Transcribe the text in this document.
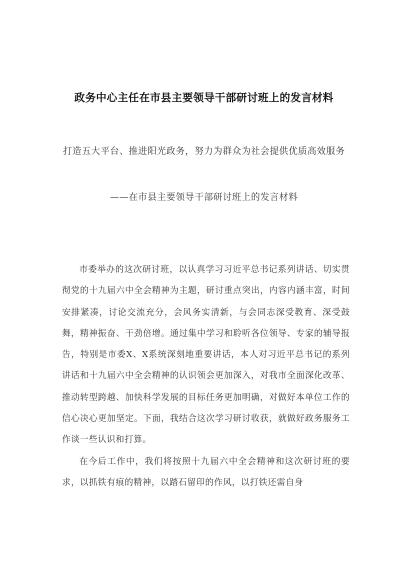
政务中心主任在市县主要领导干部研讨班上的发言材料
打造五大平台、推进阳光政务，努力为群众为社会提供优质高效服务
——在市县主要领导干部研讨班上的发言材料

市委举办的这次研讨班，以认真学习习近平总书记系列讲话、切实贯彻党的十九届六中全会精神为主题，研讨重点突出，内容内涵丰富，时间安排紧凑，讨论交流充分，会风务实清新，与会同志深受教育、深受鼓舞，精神振奋、干劲倍增。通过集中学习和聆听各位领导、专家的辅导报告，特别是市委X、X系统深刻地重要讲话，本人对习近平总书记的系列讲话和十九届六中全会精神的认识领会更加深入，对我市全面深化改革、推动转型跨越、加快科学发展的目标任务更加明确，对做好本单位工作的信心决心更加坚定。下面，我结合这次学习研讨收获，就做好政务服务工作谈一些认识和打算。

在今后工作中，我们将按照十九届六中全会精神和这次研讨班的要求，以抓铁有痕的精神，以踏石留印的作风，以打铁还需自身
